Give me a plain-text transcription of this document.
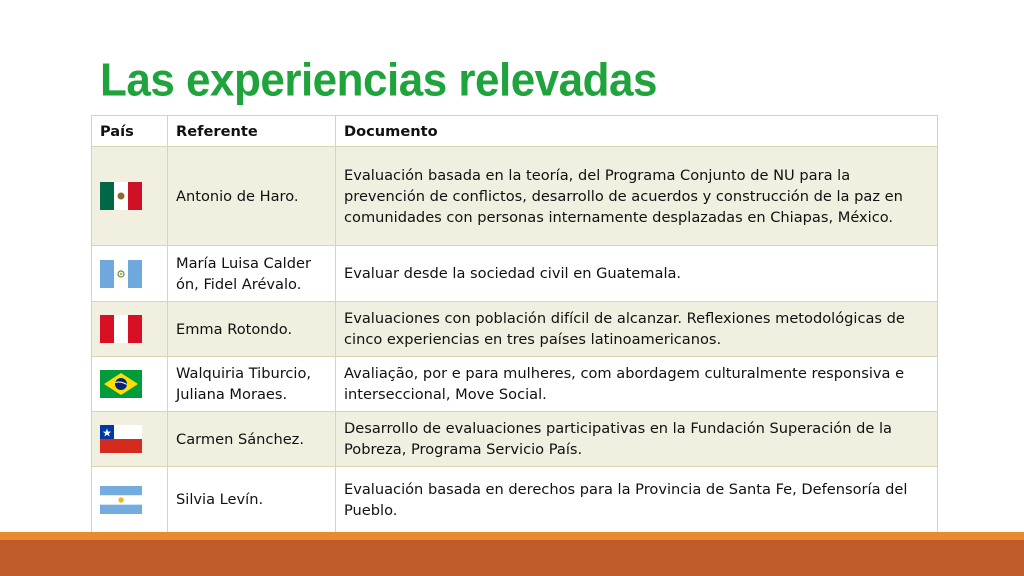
Las experiencias relevadas
País	Referente	Documento
	Antonio de Haro.	Evaluación basada en la teoría, del Programa Conjunto de NU para la prevención de conflictos, desarrollo de acuerdos y construcción de la paz en comunidades con personas internamente desplazadas en Chiapas, México.
	María Luisa Calder ón, Fidel Arévalo.	Evaluar desde la sociedad civil en Guatemala.
	Emma Rotondo.	Evaluaciones con población difícil de alcanzar. Reflexiones metodológicas de cinco experiencias en tres países latinoamericanos.
	Walquiria Tiburcio, Juliana Moraes.	Avaliação, por e para mulheres, com abordagem culturalmente responsiva e interseccional, Move Social.
	Carmen Sánchez.	Desarrollo de evaluaciones participativas en la Fundación Superación de la Pobreza, Programa Servicio País.
	Silvia Levín.	Evaluación basada en derechos para la Provincia de Santa Fe, Defensoría del Pueblo.
